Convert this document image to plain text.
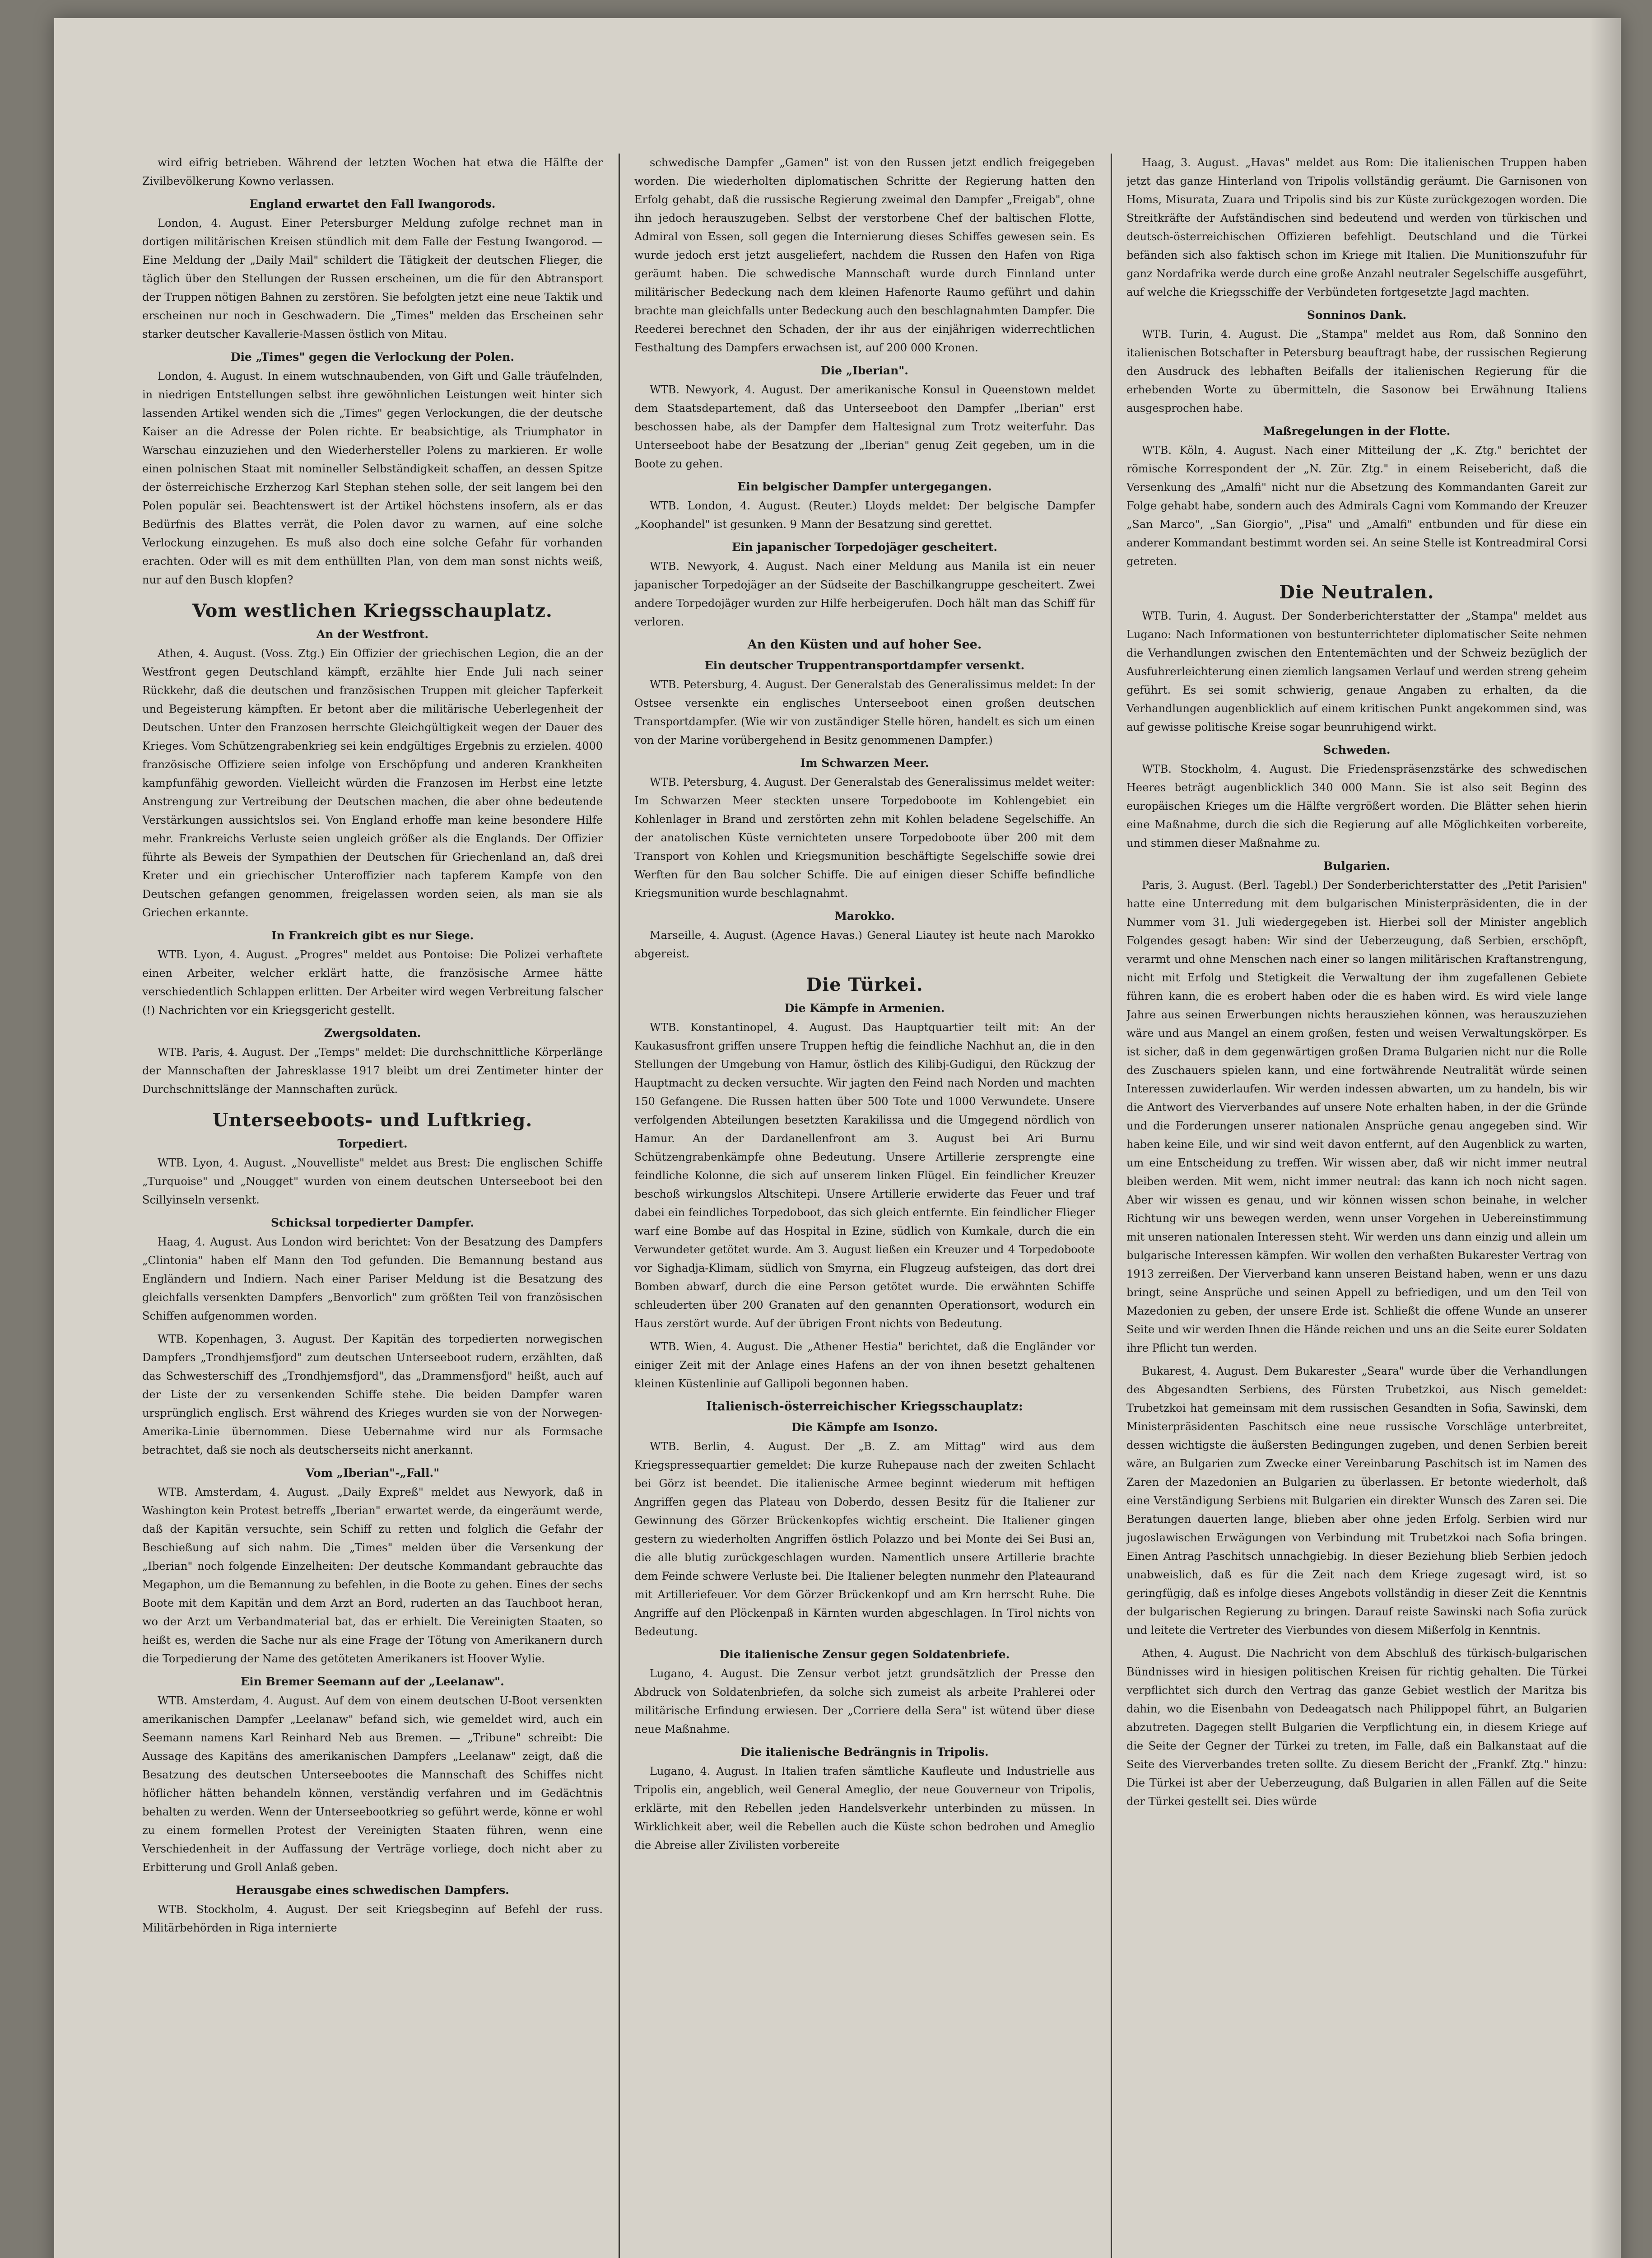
wird eifrig betrieben. Während der letzten Wochen hat etwa die Hälfte der Zivilbevölkerung Kowno verlassen.

England erwartet den Fall Iwangorods.

London, 4. August. Einer Petersburger Meldung zufolge rechnet man in dortigen militärischen Kreisen stündlich mit dem Falle der Festung Iwangorod. — Eine Meldung der „Daily Mail" schildert die Tätigkeit der deutschen Flieger, die täglich über den Stellungen der Russen erscheinen, um die für den Abtransport der Truppen nötigen Bahnen zu zerstören. Sie befolgten jetzt eine neue Taktik und erscheinen nur noch in Geschwadern. Die „Times" melden das Erscheinen sehr starker deutscher Kavallerie-Massen östlich von Mitau.

Die „Times" gegen die Verlockung der Polen.

London, 4. August. In einem wutschnaubenden, von Gift und Galle träufelnden, in niedrigen Entstellungen selbst ihre gewöhnlichen Leistungen weit hinter sich lassenden Artikel wenden sich die „Times" gegen Verlockungen, die der deutsche Kaiser an die Adresse der Polen richte. Er beabsichtige, als Triumphator in Warschau einzuziehen und den Wiederhersteller Polens zu markieren. Er wolle einen polnischen Staat mit nomineller Selbständigkeit schaffen, an dessen Spitze der österreichische Erzherzog Karl Stephan stehen solle, der seit langem bei den Polen populär sei. Beachtenswert ist der Artikel höchstens insofern, als er das Bedürfnis des Blattes verrät, die Polen davor zu warnen, auf eine solche Verlockung einzugehen. Es muß also doch eine solche Gefahr für vorhanden erachten. Oder will es mit dem enthüllten Plan, von dem man sonst nichts weiß, nur auf den Busch klopfen?

Vom westlichen Kriegsschauplatz.
An der Westfront.

Athen, 4. August. (Voss. Ztg.) Ein Offizier der griechischen Legion, die an der Westfront gegen Deutschland kämpft, erzählte hier Ende Juli nach seiner Rückkehr, daß die deutschen und französischen Truppen mit gleicher Tapferkeit und Begeisterung kämpften. Er betont aber die militärische Ueberlegenheit der Deutschen. Unter den Franzosen herrschte Gleichgültigkeit wegen der Dauer des Krieges. Vom Schützengrabenkrieg sei kein endgültiges Ergebnis zu erzielen. 4000 französische Offiziere seien infolge von Erschöpfung und anderen Krankheiten kampfunfähig geworden. Vielleicht würden die Franzosen im Herbst eine letzte Anstrengung zur Vertreibung der Deutschen machen, die aber ohne bedeutende Verstärkungen aussichtslos sei. Von England erhoffe man keine besondere Hilfe mehr. Frankreichs Verluste seien ungleich größer als die Englands. Der Offizier führte als Beweis der Sympathien der Deutschen für Griechenland an, daß drei Kreter und ein griechischer Unteroffizier nach tapferem Kampfe von den Deutschen gefangen genommen, freigelassen worden seien, als man sie als Griechen erkannte.

In Frankreich gibt es nur Siege.

WTB. Lyon, 4. August. „Progres" meldet aus Pontoise: Die Polizei verhaftete einen Arbeiter, welcher erklärt hatte, die französische Armee hätte verschiedentlich Schlappen erlitten. Der Arbeiter wird wegen Verbreitung falscher (!) Nachrichten vor ein Kriegsgericht gestellt.

Zwergsoldaten.

WTB. Paris, 4. August. Der „Temps" meldet: Die durchschnittliche Körperlänge der Mannschaften der Jahresklasse 1917 bleibt um drei Zentimeter hinter der Durchschnittslänge der Mannschaften zurück.

Unterseeboots- und Luftkrieg.
Torpediert.

WTB. Lyon, 4. August. „Nouvelliste" meldet aus Brest: Die englischen Schiffe „Turquoise" und „Nougget" wurden von einem deutschen Unterseeboot bei den Scillyinseln versenkt.

Schicksal torpedierter Dampfer.

Haag, 4. August. Aus London wird berichtet: Von der Besatzung des Dampfers „Clintonia" haben elf Mann den Tod gefunden. Die Bemannung bestand aus Engländern und Indiern. Nach einer Pariser Meldung ist die Besatzung des gleichfalls versenkten Dampfers „Benvorlich" zum größten Teil von französischen Schiffen aufgenommen worden.

WTB. Kopenhagen, 3. August. Der Kapitän des torpedierten norwegischen Dampfers „Trondhjemsfjord" zum deutschen Unterseeboot rudern, erzählten, daß das Schwesterschiff des „Trondhjemsfjord", das „Drammensfjord" heißt, auch auf der Liste der zu versenkenden Schiffe stehe. Die beiden Dampfer waren ursprünglich englisch. Erst während des Krieges wurden sie von der Norwegen-Amerika-Linie übernommen. Diese Uebernahme wird nur als Formsache betrachtet, daß sie noch als deutscherseits nicht anerkannt.

Vom „Iberian"-„Fall."

WTB. Amsterdam, 4. August. „Daily Expreß" meldet aus Newyork, daß in Washington kein Protest betreffs „Iberian" erwartet werde, da eingeräumt werde, daß der Kapitän versuchte, sein Schiff zu retten und folglich die Gefahr der Beschießung auf sich nahm. Die „Times" melden über die Versenkung der „Iberian" noch folgende Einzelheiten: Der deutsche Kommandant gebrauchte das Megaphon, um die Bemannung zu befehlen, in die Boote zu gehen. Eines der sechs Boote mit dem Kapitän und dem Arzt an Bord, ruderten an das Tauchboot heran, wo der Arzt um Verbandmaterial bat, das er erhielt. Die Vereinigten Staaten, so heißt es, werden die Sache nur als eine Frage der Tötung von Amerikanern durch die Torpedierung der Name des getöteten Amerikaners ist Hoover Wylie.

Ein Bremer Seemann auf der „Leelanaw".

WTB. Amsterdam, 4. August. Auf dem von einem deutschen U-Boot versenkten amerikanischen Dampfer „Leelanaw" befand sich, wie gemeldet wird, auch ein Seemann namens Karl Reinhard Neb aus Bremen. — „Tribune" schreibt: Die Aussage des Kapitäns des amerikanischen Dampfers „Leelanaw" zeigt, daß die Besatzung des deutschen Unterseebootes die Mannschaft des Schiffes nicht höflicher hätten behandeln können, verständig verfahren und im Gedächtnis behalten zu werden. Wenn der Unterseebootkrieg so geführt werde, könne er wohl zu einem formellen Protest der Vereinigten Staaten führen, wenn eine Verschiedenheit in der Auffassung der Verträge vorliege, doch nicht aber zu Erbitterung und Groll Anlaß geben.

Herausgabe eines schwedischen Dampfers.

WTB. Stockholm, 4. August. Der seit Kriegsbeginn auf Befehl der russ. Militärbehörden in Riga internierte

schwedische Dampfer „Gamen" ist von den Russen jetzt endlich freigegeben worden. Die wiederholten diplomatischen Schritte der Regierung hatten den Erfolg gehabt, daß die russische Regierung zweimal den Dampfer „Freigab", ohne ihn jedoch herauszugeben. Selbst der verstorbene Chef der baltischen Flotte, Admiral von Essen, soll gegen die Internierung dieses Schiffes gewesen sein. Es wurde jedoch erst jetzt ausgeliefert, nachdem die Russen den Hafen von Riga geräumt haben. Die schwedische Mannschaft wurde durch Finnland unter militärischer Bedeckung nach dem kleinen Hafenorte Raumo geführt und dahin brachte man gleichfalls unter Bedeckung auch den beschlagnahmten Dampfer. Die Reederei berechnet den Schaden, der ihr aus der einjährigen widerrechtlichen Festhaltung des Dampfers erwachsen ist, auf 200 000 Kronen.

Die „Iberian".

WTB. Newyork, 4. August. Der amerikanische Konsul in Queenstown meldet dem Staatsdepartement, daß das Unterseeboot den Dampfer „Iberian" erst beschossen habe, als der Dampfer dem Haltesignal zum Trotz weiterfuhr. Das Unterseeboot habe der Besatzung der „Iberian" genug Zeit gegeben, um in die Boote zu gehen.

Ein belgischer Dampfer untergegangen.

WTB. London, 4. August. (Reuter.) Lloyds meldet: Der belgische Dampfer „Koophandel" ist gesunken. 9 Mann der Besatzung sind gerettet.

Ein japanischer Torpedojäger gescheitert.

WTB. Newyork, 4. August. Nach einer Meldung aus Manila ist ein neuer japanischer Torpedojäger an der Südseite der Baschilkangruppe gescheitert. Zwei andere Torpedojäger wurden zur Hilfe herbeigerufen. Doch hält man das Schiff für verloren.

An den Küsten und auf hoher See.
Ein deutscher Truppentransportdampfer versenkt.

WTB. Petersburg, 4. August. Der Generalstab des Generalissimus meldet: In der Ostsee versenkte ein englisches Unterseeboot einen großen deutschen Transportdampfer. (Wie wir von zuständiger Stelle hören, handelt es sich um einen von der Marine vorübergehend in Besitz genommenen Dampfer.)

Im Schwarzen Meer.

WTB. Petersburg, 4. August. Der Generalstab des Generalissimus meldet weiter: Im Schwarzen Meer steckten unsere Torpedoboote im Kohlengebiet ein Kohlenlager in Brand und zerstörten zehn mit Kohlen beladene Segelschiffe. An der anatolischen Küste vernichteten unsere Torpedoboote über 200 mit dem Transport von Kohlen und Kriegsmunition beschäftigte Segelschiffe sowie drei Werften für den Bau solcher Schiffe. Die auf einigen dieser Schiffe befindliche Kriegsmunition wurde beschlagnahmt.

Marokko.

Marseille, 4. August. (Agence Havas.) General Liautey ist heute nach Marokko abgereist.

Die Türkei.
Die Kämpfe in Armenien.

WTB. Konstantinopel, 4. August. Das Hauptquartier teilt mit: An der Kaukasusfront griffen unsere Truppen heftig die feindliche Nachhut an, die in den Stellungen der Umgebung von Hamur, östlich des Kilibj-Gudigui, den Rückzug der Hauptmacht zu decken versuchte. Wir jagten den Feind nach Norden und machten 150 Gefangene. Die Russen hatten über 500 Tote und 1000 Verwundete. Unsere verfolgenden Abteilungen besetzten Karakilissa und die Umgegend nördlich von Hamur. An der Dardanellenfront am 3. August bei Ari Burnu Schützengrabenkämpfe ohne Bedeutung. Unsere Artillerie zersprengte eine feindliche Kolonne, die sich auf unserem linken Flügel. Ein feindlicher Kreuzer beschoß wirkungslos Altschitepi. Unsere Artillerie erwiderte das Feuer und traf dabei ein feindliches Torpedoboot, das sich gleich entfernte. Ein feindlicher Flieger warf eine Bombe auf das Hospital in Ezine, südlich von Kumkale, durch die ein Verwundeter getötet wurde. Am 3. August ließen ein Kreuzer und 4 Torpedoboote vor Sighadja-Klimam, südlich von Smyrna, ein Flugzeug aufsteigen, das dort drei Bomben abwarf, durch die eine Person getötet wurde. Die erwähnten Schiffe schleuderten über 200 Granaten auf den genannten Operationsort, wodurch ein Haus zerstört wurde. Auf der übrigen Front nichts von Bedeutung.

WTB. Wien, 4. August. Die „Athener Hestia" berichtet, daß die Engländer vor einiger Zeit mit der Anlage eines Hafens an der von ihnen besetzt gehaltenen kleinen Küstenlinie auf Gallipoli begonnen haben.

Italienisch-österreichischer Kriegsschauplatz:
Die Kämpfe am Isonzo.

WTB. Berlin, 4. August. Der „B. Z. am Mittag" wird aus dem Kriegspressequartier gemeldet: Die kurze Ruhepause nach der zweiten Schlacht bei Görz ist beendet. Die italienische Armee beginnt wiederum mit heftigen Angriffen gegen das Plateau von Doberdo, dessen Besitz für die Italiener zur Gewinnung des Görzer Brückenkopfes wichtig erscheint. Die Italiener gingen gestern zu wiederholten Angriffen östlich Polazzo und bei Monte dei Sei Busi an, die alle blutig zurückgeschlagen wurden. Namentlich unsere Artillerie brachte dem Feinde schwere Verluste bei. Die Italiener belegten nunmehr den Plateaurand mit Artilleriefeuer. Vor dem Görzer Brückenkopf und am Krn herrscht Ruhe. Die Angriffe auf den Plöckenpaß in Kärnten wurden abgeschlagen. In Tirol nichts von Bedeutung.

Die italienische Zensur gegen Soldatenbriefe.

Lugano, 4. August. Die Zensur verbot jetzt grundsätzlich der Presse den Abdruck von Soldatenbriefen, da solche sich zumeist als arbeite Prahlerei oder militärische Erfindung erwiesen. Der „Corriere della Sera" ist wütend über diese neue Maßnahme.

Die italienische Bedrängnis in Tripolis.

Lugano, 4. August. In Italien trafen sämtliche Kaufleute und Industrielle aus Tripolis ein, angeblich, weil General Ameglio, der neue Gouverneur von Tripolis, erklärte, mit den Rebellen jeden Handelsverkehr unterbinden zu müssen. In Wirklichkeit aber, weil die Rebellen auch die Küste schon bedrohen und Ameglio die Abreise aller Zivilisten vorbereite

Haag, 3. August. „Havas" meldet aus Rom: Die italienischen Truppen haben jetzt das ganze Hinterland von Tripolis vollständig geräumt. Die Garnisonen von Homs, Misurata, Zuara und Tripolis sind bis zur Küste zurückgezogen worden. Die Streitkräfte der Aufständischen sind bedeutend und werden von türkischen und deutsch-österreichischen Offizieren befehligt. Deutschland und die Türkei befänden sich also faktisch schon im Kriege mit Italien. Die Munitionszufuhr für ganz Nordafrika werde durch eine große Anzahl neutraler Segelschiffe ausgeführt, auf welche die Kriegsschiffe der Verbündeten fortgesetzte Jagd machten.

Sonninos Dank.

WTB. Turin, 4. August. Die „Stampa" meldet aus Rom, daß Sonnino den italienischen Botschafter in Petersburg beauftragt habe, der russischen Regierung den Ausdruck des lebhaften Beifalls der italienischen Regierung für die erhebenden Worte zu übermitteln, die Sasonow bei Erwähnung Italiens ausgesprochen habe.

Maßregelungen in der Flotte.

WTB. Köln, 4. August. Nach einer Mitteilung der „K. Ztg." berichtet der römische Korrespondent der „N. Zür. Ztg." in einem Reisebericht, daß die Versenkung des „Amalfi" nicht nur die Absetzung des Kommandanten Gareit zur Folge gehabt habe, sondern auch des Admirals Cagni vom Kommando der Kreuzer „San Marco", „San Giorgio", „Pisa" und „Amalfi" entbunden und für diese ein anderer Kommandant bestimmt worden sei. An seine Stelle ist Kontreadmiral Corsi getreten.

Die Neutralen.

WTB. Turin, 4. August. Der Sonderberichterstatter der „Stampa" meldet aus Lugano: Nach Informationen von bestunterrichteter diplomatischer Seite nehmen die Verhandlungen zwischen den Ententemächten und der Schweiz bezüglich der Ausfuhrerleichterung einen ziemlich langsamen Verlauf und werden streng geheim geführt. Es sei somit schwierig, genaue Angaben zu erhalten, da die Verhandlungen augenblicklich auf einem kritischen Punkt angekommen sind, was auf gewisse politische Kreise sogar beunruhigend wirkt.

Schweden.

WTB. Stockholm, 4. August. Die Friedenspräsenzstärke des schwedischen Heeres beträgt augenblicklich 340 000 Mann. Sie ist also seit Beginn des europäischen Krieges um die Hälfte vergrößert worden. Die Blätter sehen hierin eine Maßnahme, durch die sich die Regierung auf alle Möglichkeiten vorbereite, und stimmen dieser Maßnahme zu.

Bulgarien.

Paris, 3. August. (Berl. Tagebl.) Der Sonderberichterstatter des „Petit Parisien" hatte eine Unterredung mit dem bulgarischen Ministerpräsidenten, die in der Nummer vom 31. Juli wiedergegeben ist. Hierbei soll der Minister angeblich Folgendes gesagt haben: Wir sind der Ueberzeugung, daß Serbien, erschöpft, verarmt und ohne Menschen nach einer so langen militärischen Kraftanstrengung, nicht mit Erfolg und Stetigkeit die Verwaltung der ihm zugefallenen Gebiete führen kann, die es erobert haben oder die es haben wird. Es wird viele lange Jahre aus seinen Erwerbungen nichts herausziehen können, was herauszuziehen wäre und aus Mangel an einem großen, festen und weisen Verwaltungskörper. Es ist sicher, daß in dem gegenwärtigen großen Drama Bulgarien nicht nur die Rolle des Zuschauers spielen kann, und eine fortwährende Neutralität würde seinen Interessen zuwiderlaufen. Wir werden indessen abwarten, um zu handeln, bis wir die Antwort des Vierverbandes auf unsere Note erhalten haben, in der die Gründe und die Forderungen unserer nationalen Ansprüche genau angegeben sind. Wir haben keine Eile, und wir sind weit davon entfernt, auf den Augenblick zu warten, um eine Entscheidung zu treffen. Wir wissen aber, daß wir nicht immer neutral bleiben werden. Mit wem, nicht immer neutral: das kann ich noch nicht sagen. Aber wir wissen es genau, und wir können wissen schon beinahe, in welcher Richtung wir uns bewegen werden, wenn unser Vorgehen in Uebereinstimmung mit unseren nationalen Interessen steht. Wir werden uns dann einzig und allein um bulgarische Interessen kämpfen. Wir wollen den verhaßten Bukarester Vertrag von 1913 zerreißen. Der Vierverband kann unseren Beistand haben, wenn er uns dazu bringt, seine Ansprüche und seinen Appell zu befriedigen, und um den Teil von Mazedonien zu geben, der unsere Erde ist. Schließt die offene Wunde an unserer Seite und wir werden Ihnen die Hände reichen und uns an die Seite eurer Soldaten ihre Pflicht tun werden.

Bukarest, 4. August. Dem Bukarester „Seara" wurde über die Verhandlungen des Abgesandten Serbiens, des Fürsten Trubetzkoi, aus Nisch gemeldet: Trubetzkoi hat gemeinsam mit dem russischen Gesandten in Sofia, Sawinski, dem Ministerpräsidenten Paschitsch eine neue russische Vorschläge unterbreitet, dessen wichtigste die äußersten Bedingungen zugeben, und denen Serbien bereit wäre, an Bulgarien zum Zwecke einer Vereinbarung Paschitsch ist im Namen des Zaren der Mazedonien an Bulgarien zu überlassen. Er betonte wiederholt, daß eine Verständigung Serbiens mit Bulgarien ein direkter Wunsch des Zaren sei. Die Beratungen dauerten lange, blieben aber ohne jeden Erfolg. Serbien wird nur jugoslawischen Erwägungen von Verbindung mit Trubetzkoi nach Sofia bringen. Einen Antrag Paschitsch unnachgiebig. In dieser Beziehung blieb Serbien jedoch unabweislich, daß es für die Zeit nach dem Kriege zugesagt wird, ist so geringfügig, daß es infolge dieses Angebots vollständig in dieser Zeit die Kenntnis der bulgarischen Regierung zu bringen. Darauf reiste Sawinski nach Sofia zurück und leitete die Vertreter des Vierbundes von diesem Mißerfolg in Kenntnis.

Athen, 4. August. Die Nachricht von dem Abschluß des türkisch-bulgarischen Bündnisses wird in hiesigen politischen Kreisen für richtig gehalten. Die Türkei verpflichtet sich durch den Vertrag das ganze Gebiet westlich der Maritza bis dahin, wo die Eisenbahn von Dedeagatsch nach Philippopel führt, an Bulgarien abzutreten. Dagegen stellt Bulgarien die Verpflichtung ein, in diesem Kriege auf die Seite der Gegner der Türkei zu treten, im Falle, daß ein Balkanstaat auf die Seite des Vierverbandes treten sollte. Zu diesem Bericht der „Frankf. Ztg." hinzu: Die Türkei ist aber der Ueberzeugung, daß Bulgarien in allen Fällen auf die Seite der Türkei gestellt sei. Dies würde
